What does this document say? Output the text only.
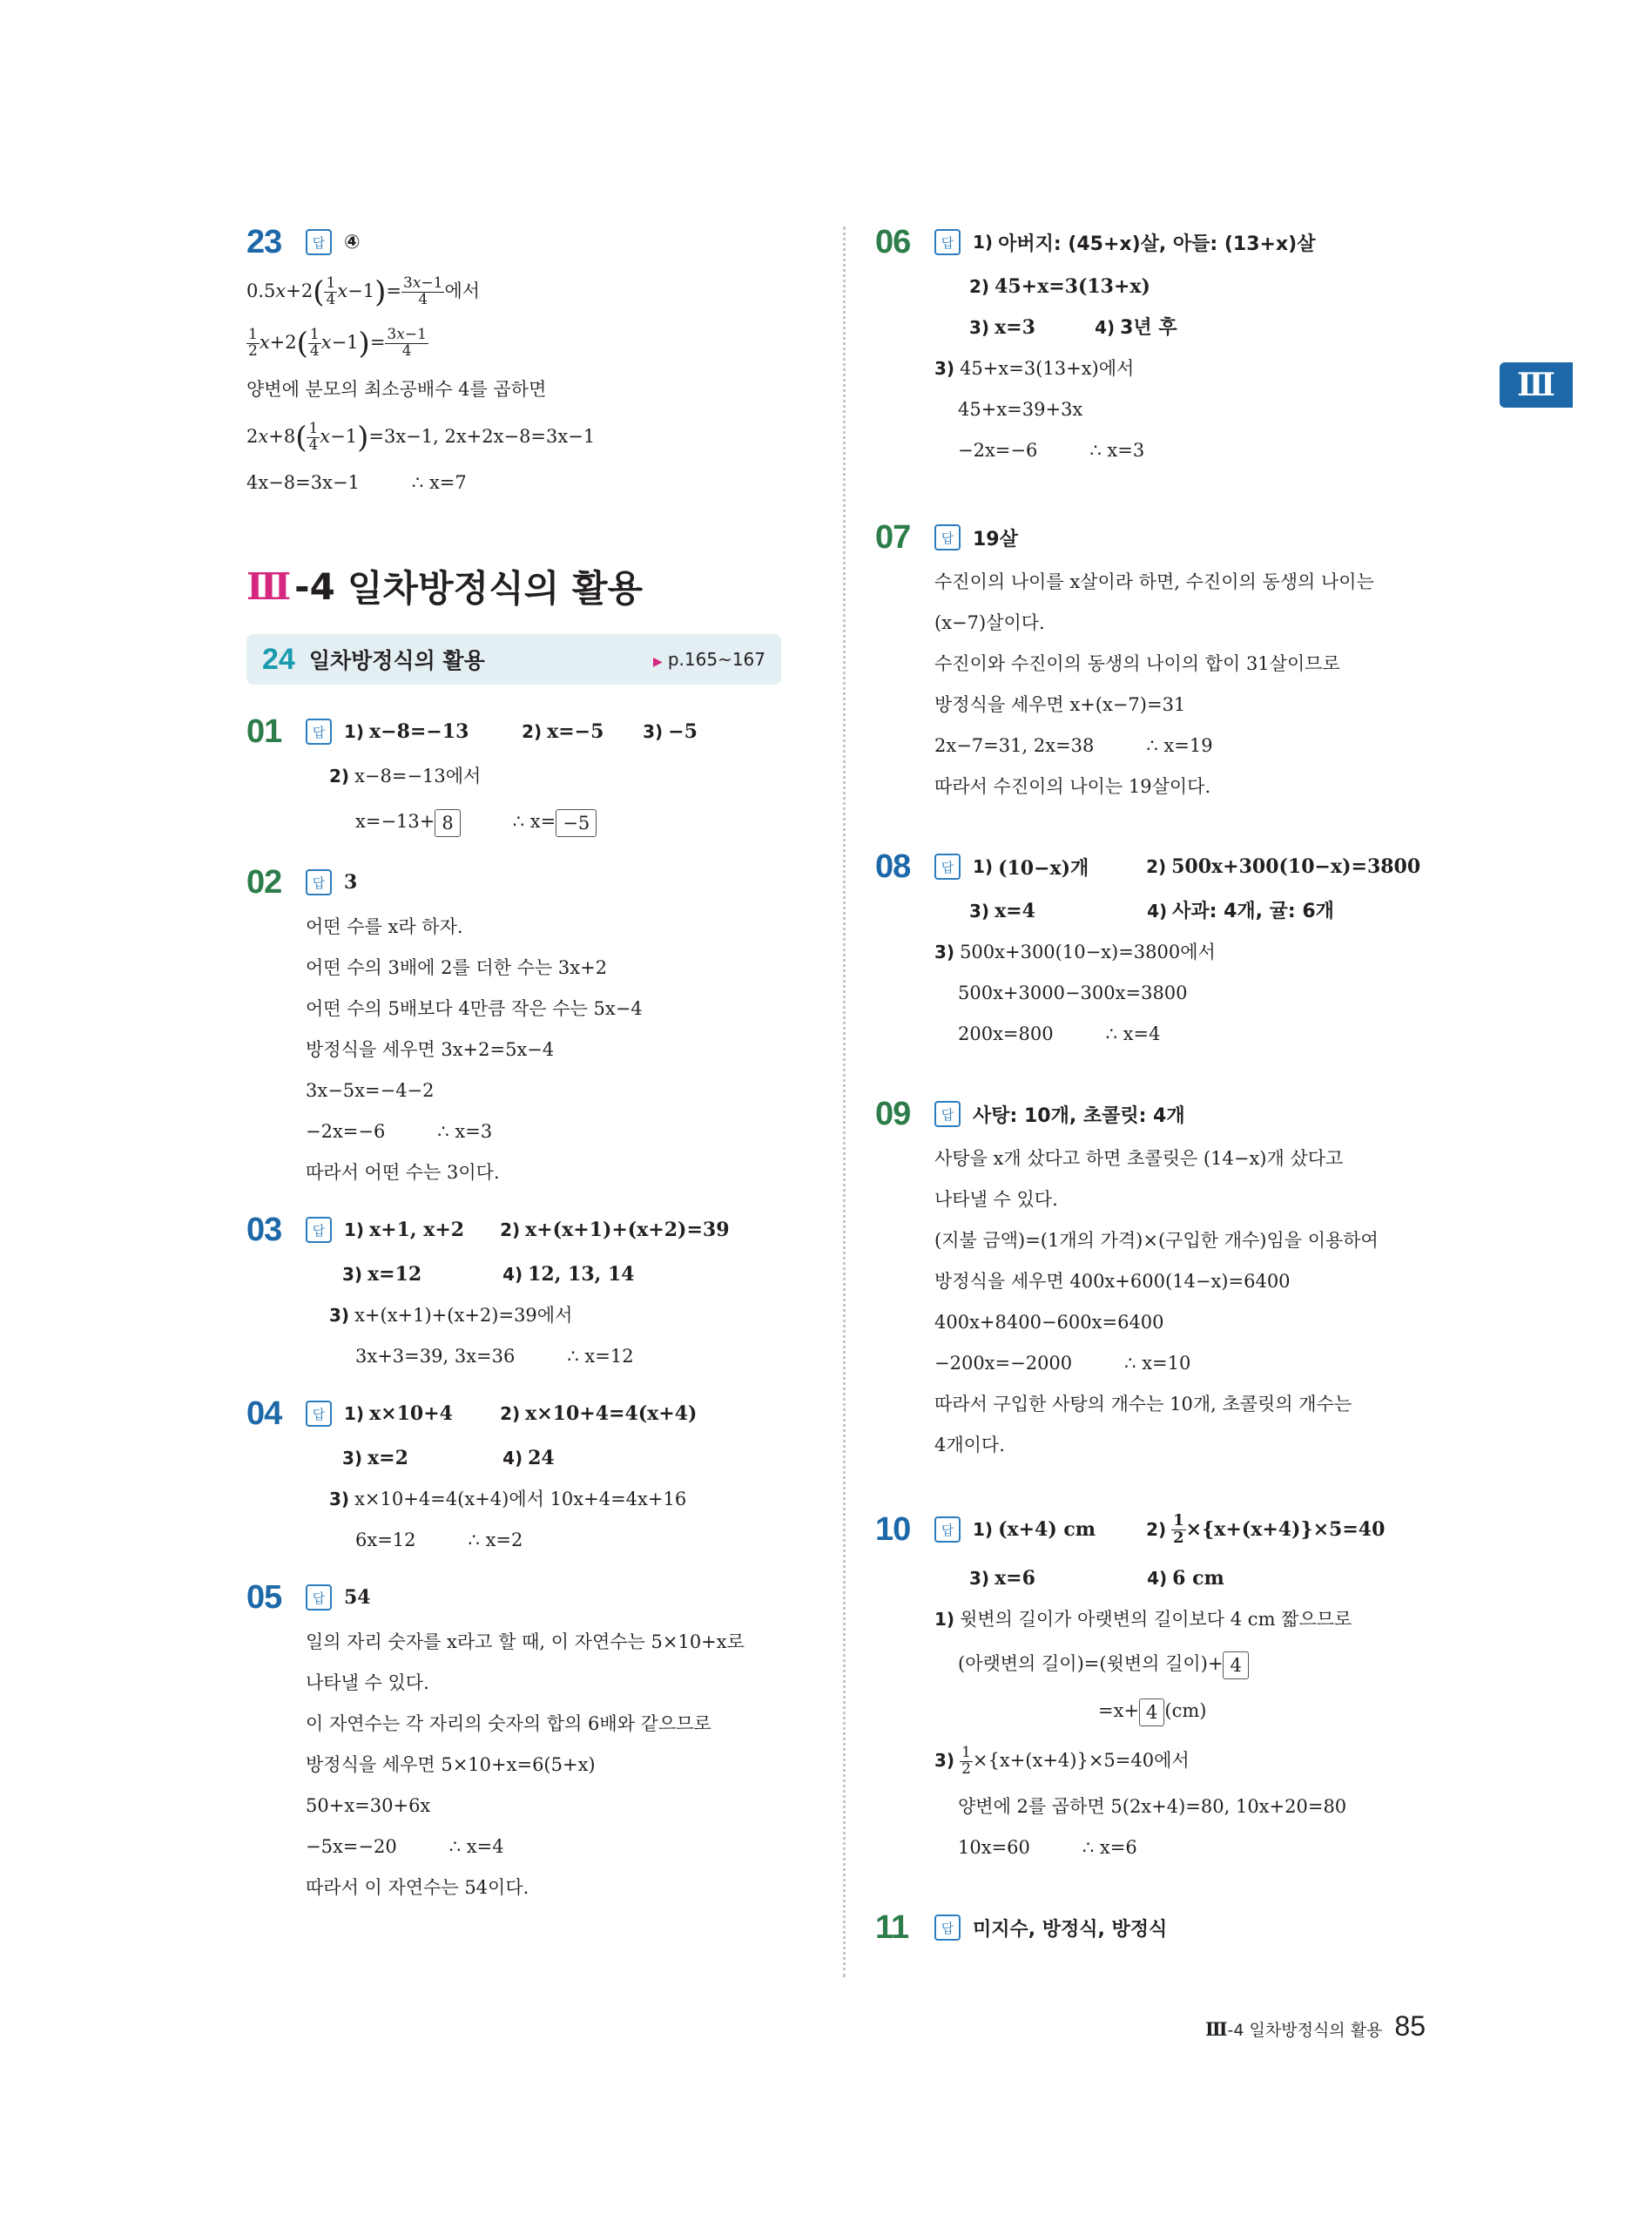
Ⅲ
23	답 ④
$0.5x+2( \frac{1}{4} x-1)= \frac{3x-1}{4}$ 에서
$\frac{1}{2} x+2( \frac{1}{4} x-1)= \frac{3x-1}{4}$
양변에 분모의 최소공배수 4를 곱하면
$2x+8( \frac{1}{4} x-1)=3x-1$, 2x+2x−8=3x−1
4x−8=3x−1	∴ x=7
Ⅲ -4 일차방정식의 활용
24 일차방정식의 활용	▶ p.165~167
01	답	1) x−8=−13	2) x=−5	3) −5
2) x−8=−13에서
x=−13+ 8	∴ x= −5
02	답 3
어떤 수를 x라 하자.
어떤 수의 3배에 2를 더한 수는 3x+2
어떤 수의 5배보다 4만큼 작은 수는 5x−4
방정식을 세우면 3x+2=5x−4
3x−5x=−4−2
−2x=−6	∴ x=3
따라서 어떤 수는 3이다.
03	답	1) x+1, x+2	2) x+(x+1)+(x+2)=39
3) x=12	4) 12, 13, 14
3) x+(x+1)+(x+2)=39에서
3x+3=39, 3x=36	∴ x=12
04	답	1) x×10+4	2) x×10+4=4(x+4)
3) x=2	4) 24
3) x×10+4=4(x+4)에서 10x+4=4x+16
6x=12	∴ x=2
05	답 54
일의 자리 숫자를 x라고 할 때, 이 자연수는 5×10+x로
나타낼 수 있다.
이 자연수는 각 자리의 숫자의 합의 6배와 같으므로
방정식을 세우면 5×10+x=6(5+x)
50+x=30+6x
−5x=−20	∴ x=4
따라서 이 자연수는 54이다.
06	답	1) 아버지: (45+x)살, 아들: (13+x)살
2) 45+x=3(13+x)
3) x=3	4) 3년 후
3) 45+x=3(13+x)에서
45+x=39+3x
−2x=−6	∴ x=3
07	답 19살
수진이의 나이를 x살이라 하면, 수진이의 동생의 나이는
(x−7)살이다.
수진이와 수진이의 동생의 나이의 합이 31살이므로
방정식을 세우면 x+(x−7)=31
2x−7=31, 2x=38	∴ x=19
따라서 수진이의 나이는 19살이다.
08	답	1) (10−x)개	2) 500x+300(10−x)=3800
3) x=4	4) 사과: 4개, 귤: 6개
3) 500x+300(10−x)=3800에서
500x+3000−300x=3800
200x=800	∴ x=4
09	답 사탕: 10개, 초콜릿: 4개
사탕을 x개 샀다고 하면 초콜릿은 (14−x)개 샀다고
나타낼 수 있다.
(지불 금액)=(1개의 가격)×(구입한 개수)임을 이용하여
방정식을 세우면 400x+600(14−x)=6400
400x+8400−600x=6400
−200x=−2000	∴ x=10
따라서 구입한 사탕의 개수는 10개, 초콜릿의 개수는
4개이다.
10	답	1) (x+4) cm	$2) \frac{1}{2} \times\{x+(x+4)\}\times 5=40$
3) x=6	4) 6 cm
1) 윗변의 길이가 아랫변의 길이보다 4 cm 짧으므로
(아랫변의 길이)=(윗변의 길이)+ 4
=x+ 4 (cm)
$3) \frac{1}{2} \times\{x+(x+4)\}\times 5=40$에서
양변에 2를 곱하면 5(2x+4)=80, 10x+20=80
10x=60	∴ x=6
11	답 미지수, 방정식, 방정식
Ⅲ -4 일차방정식의 활용 85
